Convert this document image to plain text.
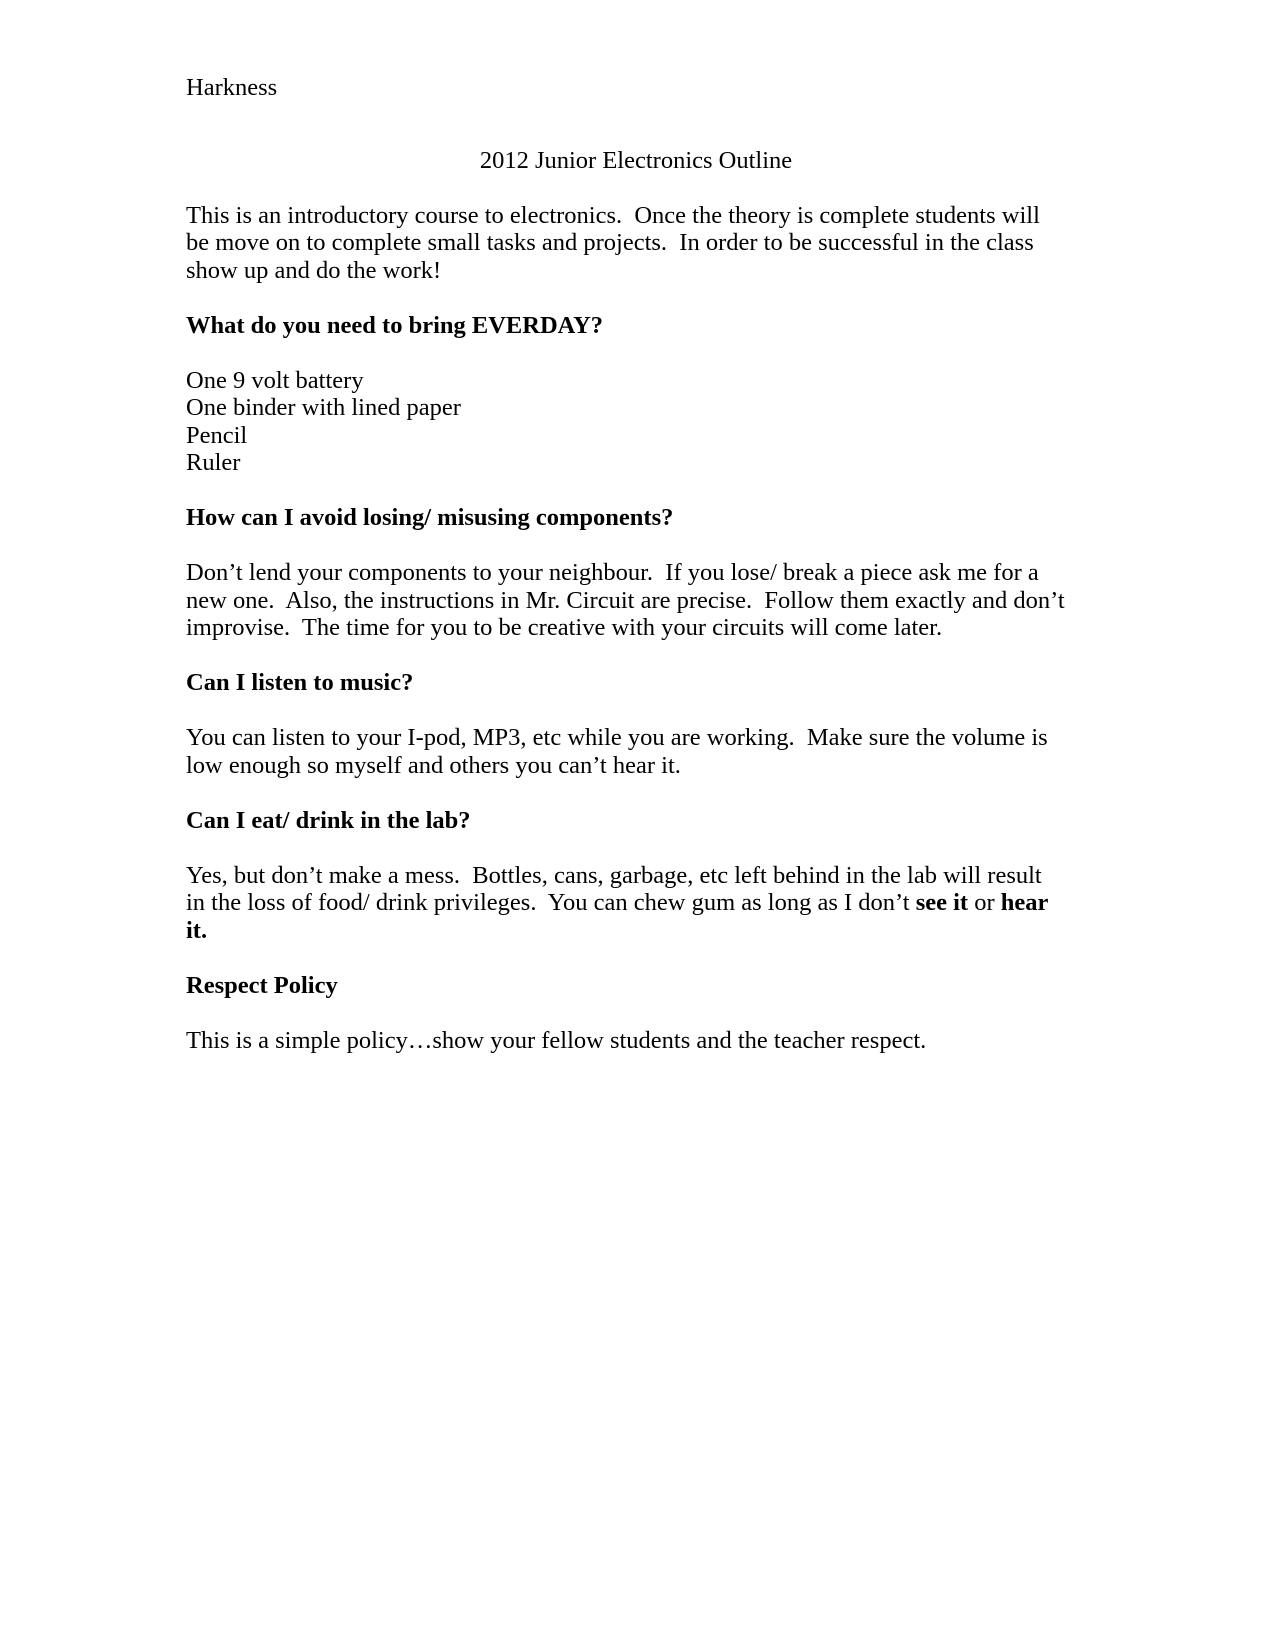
Harkness
2012 Junior Electronics Outline
This is an introductory course to electronics.  Once the theory is complete students will
be move on to complete small tasks and projects.  In order to be successful in the class
show up and do the work!
What do you need to bring EVERDAY?
One 9 volt battery
One binder with lined paper
Pencil
Ruler
How can I avoid losing/ misusing components?
Don’t lend your components to your neighbour.  If you lose/ break a piece ask me for a
new one.  Also, the instructions in Mr. Circuit are precise.  Follow them exactly and don’t
improvise.  The time for you to be creative with your circuits will come later.
Can I listen to music?
You can listen to your I-pod, MP3, etc while you are working.  Make sure the volume is
low enough so myself and others you can’t hear it.
Can I eat/ drink in the lab?
Yes, but don’t make a mess.  Bottles, cans, garbage, etc left behind in the lab will result
in the loss of food/ drink privileges.  You can chew gum as long as I don’t see it or hear
it.
Respect Policy
This is a simple policy…show your fellow students and the teacher respect.
